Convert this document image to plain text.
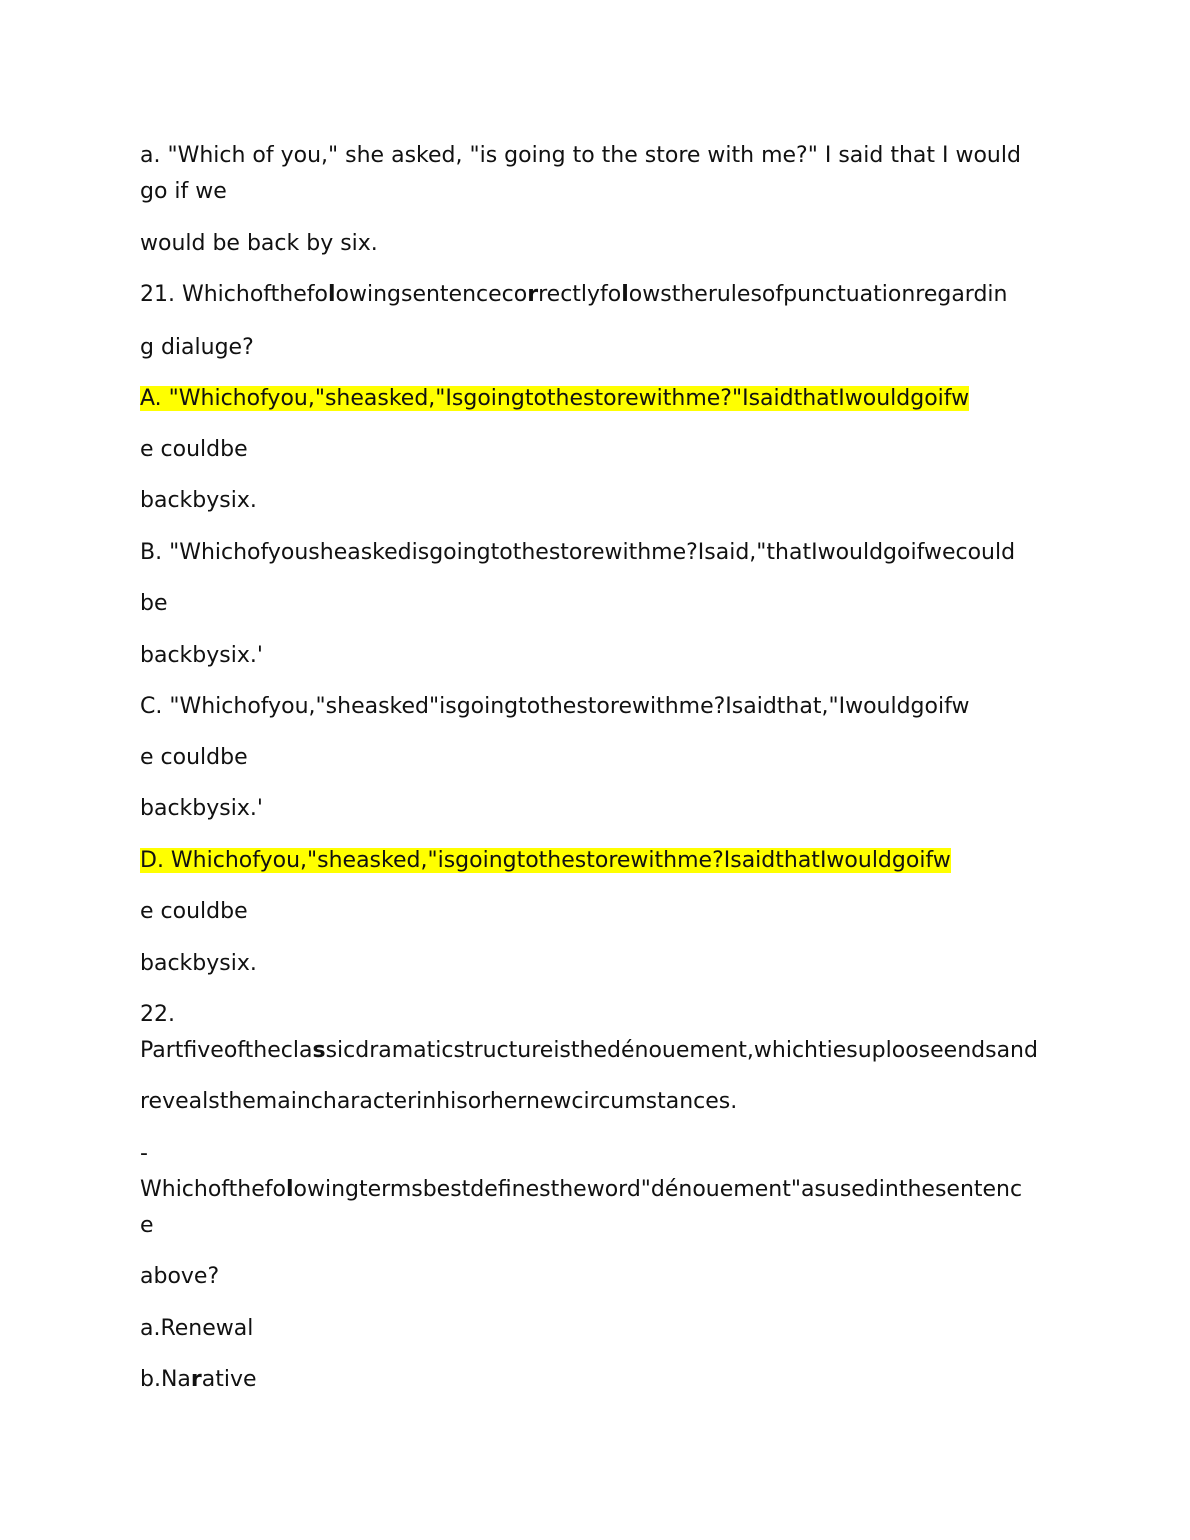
a. "Which of you," she asked, "is going to the store with me?" I said that I would
go if we
would be back by six.
21. Whichofthefolowingsentencecorrectlyfolowstherulesofpunctuationregardin
g dialuge?
A. "Whichofyou,"sheasked,"Isgoingtothestorewithme?"IsaidthatIwouldgoifw
e couldbe
backbysix.
B. "Whichofyousheaskedisgoingtothestorewithme?Isaid,"thatIwouldgoifwecould
be
backbysix.'
C. "Whichofyou,"sheasked"isgoingtothestorewithme?Isaidthat,"Iwouldgoifw
e couldbe
backbysix.'
D. Whichofyou,"sheasked,"isgoingtothestorewithme?IsaidthatIwouldgoifw
e couldbe
backbysix.
22.
Partfiveoftheclassicdramaticstructureisthedénouement,whichtiesuplooseendsand
revealsthemaincharacterinhisorhernewcircumstances.
-
Whichofthefolowingtermsbestdefinestheword"dénouement"asusedinthesentenc
e
above?
a.Renewal
b.Narative
